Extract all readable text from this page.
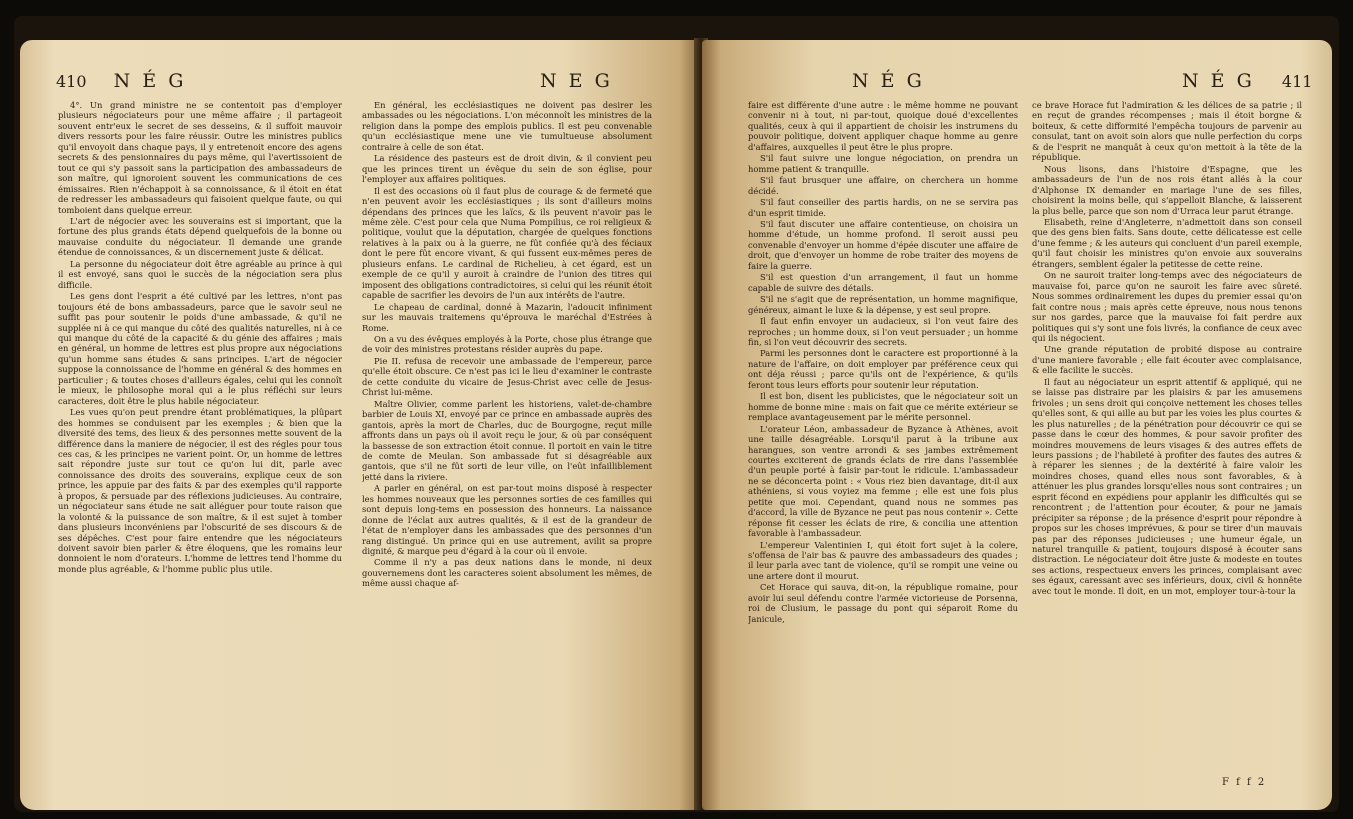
410 N É G	N E G

4°. Un grand ministre ne se contentoit pas d'employer plusieurs négociateurs pour une même affaire ; il partageoit souvent entr'eux le secret de ses desseins, & il suffoit mauvoir divers ressorts pour les faire réussir. Outre les ministres publics qu'il envoyoit dans chaque pays, il y entretenoit encore des agens secrets & des pensionnaires du pays même, qui l'avertissoient de tout ce qui s'y passoit sans la participation des ambassadeurs de son maître, qui ignoroient souvent les communications de ces émissaires. Rien n'échappoit à sa connoissance, & il étoit en état de redresser les ambassadeurs qui faisoient quelque faute, ou qui tomboient dans quelque erreur.

L'art de négocier avec les souverains est si important, que la fortune des plus grands états dépend quelquefois de la bonne ou mauvaise conduite du négociateur. Il demande une grande étendue de connoissances, & un discernement juste & délicat.

La personne du négociateur doit être agréable au prince à qui il est envoyé, sans quoi le succès de la négociation sera plus difficile.

Les gens dont l'esprit a été cultivé par les lettres, n'ont pas toujours été de bons ambassadeurs, parce que le savoir seul ne suffit pas pour soutenir le poids d'une ambassade, & qu'il ne supplée ni à ce qui manque du côté des qualités naturelles, ni à ce qui manque du côté de la capacité & du génie des affaires ; mais en général, un homme de lettres est plus propre aux négociations qu'un homme sans études & sans principes. L'art de négocier suppose la connoissance de l'homme en général & des hommes en particulier ; & toutes choses d'ailleurs égales, celui qui les connoît le mieux, le philosophe moral qui a le plus réfléchi sur leurs caracteres, doit être le plus habile négociateur.

Les vues qu'on peut prendre étant problématiques, la plûpart des hommes se conduisent par les exemples ; & bien que la diversité des tems, des lieux & des personnes mette souvent de la différence dans la maniere de négocier, il est des régles pour tous ces cas, & les principes ne varient point. Or, un homme de lettres sait répondre juste sur tout ce qu'on lui dit, parle avec connoissance des droits des souverains, explique ceux de son prince, les appuie par des faits & par des exemples qu'il rapporte à propos, & persuade par des réflexions judicieuses. Au contraire, un négociateur sans étude ne sait alléguer pour toute raison que la volonté & la puissance de son maître, & il est sujet à tomber dans plusieurs inconvéniens par l'obscurité de ses discours & de ses dépêches. C'est pour faire entendre que les négociateurs doivent savoir bien parler & être éloquens, que les romains leur donnoient le nom d'orateurs. L'homme de lettres tend l'homme du monde plus agréable, & l'homme public plus utile.

En général, les ecclésiastiques ne doivent pas desirer les ambassades ou les négociations. L'on méconnoît les ministres de la religion dans la pompe des emplois publics. Il est peu convenable qu'un ecclésiastique mene une vie tumultueuse absolument contraire à celle de son état.

La résidence des pasteurs est de droit divin, & il convient peu que les princes tirent un évêque du sein de son église, pour l'employer aux affaires politiques.

Il est des occasions où il faut plus de courage & de fermeté que n'en peuvent avoir les ecclésiastiques ; ils sont d'ailleurs moins dépendans des princes que les laïcs, & ils peuvent n'avoir pas le même zèle. C'est pour cela que Numa Pompilius, ce roi religieux & politique, voulut que la députation, chargée de quelques fonctions relatives à la paix ou à la guerre, ne fût confiée qu'à des féciaux dont le pere fût encore vivant, & qui fussent eux-mêmes peres de plusieurs enfans. Le cardinal de Richelieu, à cet égard, est un exemple de ce qu'il y auroit à craindre de l'union des titres qui imposent des obligations contradictoires, si celui qui les réunit étoit capable de sacrifier les devoirs de l'un aux intérêts de l'autre.

Le chapeau de cardinal, donné à Mazarin, l'adoucit infiniment sur les mauvais traitemens qu'éprouva le maréchal d'Estrées à Rome.

On a vu des évêques employés à la Porte, chose plus étrange que de voir des ministres protestans résider auprès du pape.

Pie II. refusa de recevoir une ambassade de l'empereur, parce qu'elle étoit obscure. Ce n'est pas ici le lieu d'examiner le contraste de cette conduite du vicaire de Jesus-Christ avec celle de Jesus-Christ lui-même.

Maître Olivier, comme parlent les historiens, valet-de-chambre barbier de Louis XI, envoyé par ce prince en ambassade auprès des gantois, après la mort de Charles, duc de Bourgogne, reçut mille affronts dans un pays où il avoit reçu le jour, & où par conséquent la bassesse de son extraction étoit connue. Il portoit en vain le titre de comte de Meulan. Son ambassade fut si désagréable aux gantois, que s'il ne fût sorti de leur ville, on l'eût infailliblement jetté dans la riviere.

A parler en général, on est par-tout moins disposé à respecter les hommes nouveaux que les personnes sorties de ces familles qui sont depuis long-tems en possession des honneurs. La naissance donne de l'éclat aux autres qualités, & il est de la grandeur de l'état de n'employer dans les ambassades que des personnes d'un rang distingué. Un prince qui en use autrement, avilit sa propre dignité, & marque peu d'égard à la cour où il envoie.

Comme il n'y a pas deux nations dans le monde, ni deux gouvernemens dont les caracteres soient absolument les mêmes, de même aussi chaque af-

N É G	N É G 411

faire est différente d'une autre : le même homme ne pouvant convenir ni à tout, ni par-tout, quoique doué d'excellentes qualités, ceux à qui il appartient de choisir les instrumens du pouvoir politique, doivent appliquer chaque homme au genre d'affaires, auxquelles il peut être le plus propre.

S'il faut suivre une longue négociation, on prendra un homme patient & tranquille.

S'il faut brusquer une affaire, on cherchera un homme décidé.

S'il faut conseiller des partis hardis, on ne se servira pas d'un esprit timide.

S'il faut discuter une affaire contentieuse, on choisira un homme d'étude, un homme profond. Il seroit aussi peu convenable d'envoyer un homme d'épée discuter une affaire de droit, que d'envoyer un homme de robe traiter des moyens de faire la guerre.

S'il est question d'un arrangement, il faut un homme capable de suivre des détails.

S'il ne s'agit que de représentation, un homme magnifique, généreux, aimant le luxe & la dépense, y est seul propre.

Il faut enfin envoyer un audacieux, si l'on veut faire des reproches ; un homme doux, si l'on veut persuader ; un homme fin, si l'on veut découvrir des secrets.

Parmi les personnes dont le caractere est proportionné à la nature de l'affaire, on doit employer par préférence ceux qui ont déja réussi ; parce qu'ils ont de l'expérience, & qu'ils feront tous leurs efforts pour soutenir leur réputation.

Il est bon, disent les publicistes, que le négociateur soit un homme de bonne mine : mais on fait que ce mérite extérieur se remplace avantageusement par le mérite personnel.

L'orateur Léon, ambassadeur de Byzance à Athènes, avoit une taille désagréable. Lorsqu'il parut à la tribune aux harangues, son ventre arrondi & ses jambes extrêmement courtes exciterent de grands éclats de rire dans l'assemblée d'un peuple porté à faisir par-tout le ridicule. L'ambassadeur ne se déconcerta point : « Vous riez bien davantage, dit-il aux athéniens, si vous voyiez ma femme ; elle est une fois plus petite que moi. Cependant, quand nous ne sommes pas d'accord, la ville de Byzance ne peut pas nous contenir ». Cette réponse fit cesser les éclats de rire, & concilia une attention favorable à l'ambassadeur.

L'empereur Valentinien I, qui étoit fort sujet à la colere, s'offensa de l'air bas & pauvre des ambassadeurs des quades ; il leur parla avec tant de violence, qu'il se rompit une veine ou une artere dont il mourut.

Cet Horace qui sauva, dit-on, la république romaine, pour avoir lui seul défendu contre l'armée victorieuse de Porsenna, roi de Clusium, le passage du pont qui séparoit Rome du Janicule,

ce brave Horace fut l'admiration & les délices de sa patrie ; il en reçut de grandes récompenses ; mais il étoit borgne & boiteux, & cette difformité l'empêcha toujours de parvenir au consulat, tant on avoit soin alors que nulle perfection du corps & de l'esprit ne manquât à ceux qu'on mettoit à la tête de la république.

Nous lisons, dans l'histoire d'Espagne, que les ambassadeurs de l'un de nos rois étant allés à la cour d'Alphonse IX demander en mariage l'une de ses filles, choisirent la moins belle, qui s'appelloit Blanche, & laisserent la plus belle, parce que son nom d'Urraca leur parut étrange.

Elisabeth, reine d'Angleterre, n'admettoit dans son conseil que des gens bien faits. Sans doute, cette délicatesse est celle d'une femme ; & les auteurs qui concluent d'un pareil exemple, qu'il faut choisir les ministres qu'on envoie aux souverains étrangers, semblent égaler la petitesse de cette reine.

On ne sauroit traiter long-temps avec des négociateurs de mauvaise foi, parce qu'on ne sauroit les faire avec sûreté. Nous sommes ordinairement les dupes du premier essai qu'on fait contre nous ; mais après cette épreuve, nous nous tenons sur nos gardes, parce que la mauvaise foi fait perdre aux politiques qui s'y sont une fois livrés, la confiance de ceux avec qui ils négocient.

Une grande réputation de probité dispose au contraire d'une maniere favorable ; elle fait écouter avec complaisance, & elle facilite le succès.

Il faut au négociateur un esprit attentif & appliqué, qui ne se laisse pas distraire par les plaisirs & par les amusemens frivoles ; un sens droit qui conçoive nettement les choses telles qu'elles sont, & qui aille au but par les voies les plus courtes & les plus naturelles ; de la pénétration pour découvrir ce qui se passe dans le cœur des hommes, & pour savoir profiter des moindres mouvemens de leurs visages & des autres effets de leurs passions ; de l'habileté à profiter des fautes des autres & à réparer les siennes ; de la dextérité à faire valoir les moindres choses, quand elles nous sont favorables, & à atténuer les plus grandes lorsqu'elles nous sont contraires ; un esprit fécond en expédiens pour applanir les difficultés qui se rencontrent ; de l'attention pour écouter, & pour ne jamais précipiter sa réponse ; de la présence d'esprit pour répondre à propos sur les choses imprévues, & pour se tirer d'un mauvais pas par des réponses judicieuses ; une humeur égale, un naturel tranquille & patient, toujours disposé à écouter sans distraction. Le négociateur doit être juste & modeste en toutes ses actions, respectueux envers les princes, complaisant avec ses égaux, caressant avec ses inférieurs, doux, civil & honnête avec tout le monde. Il doit, en un mot, employer tour-à-tour la

F f f 2
